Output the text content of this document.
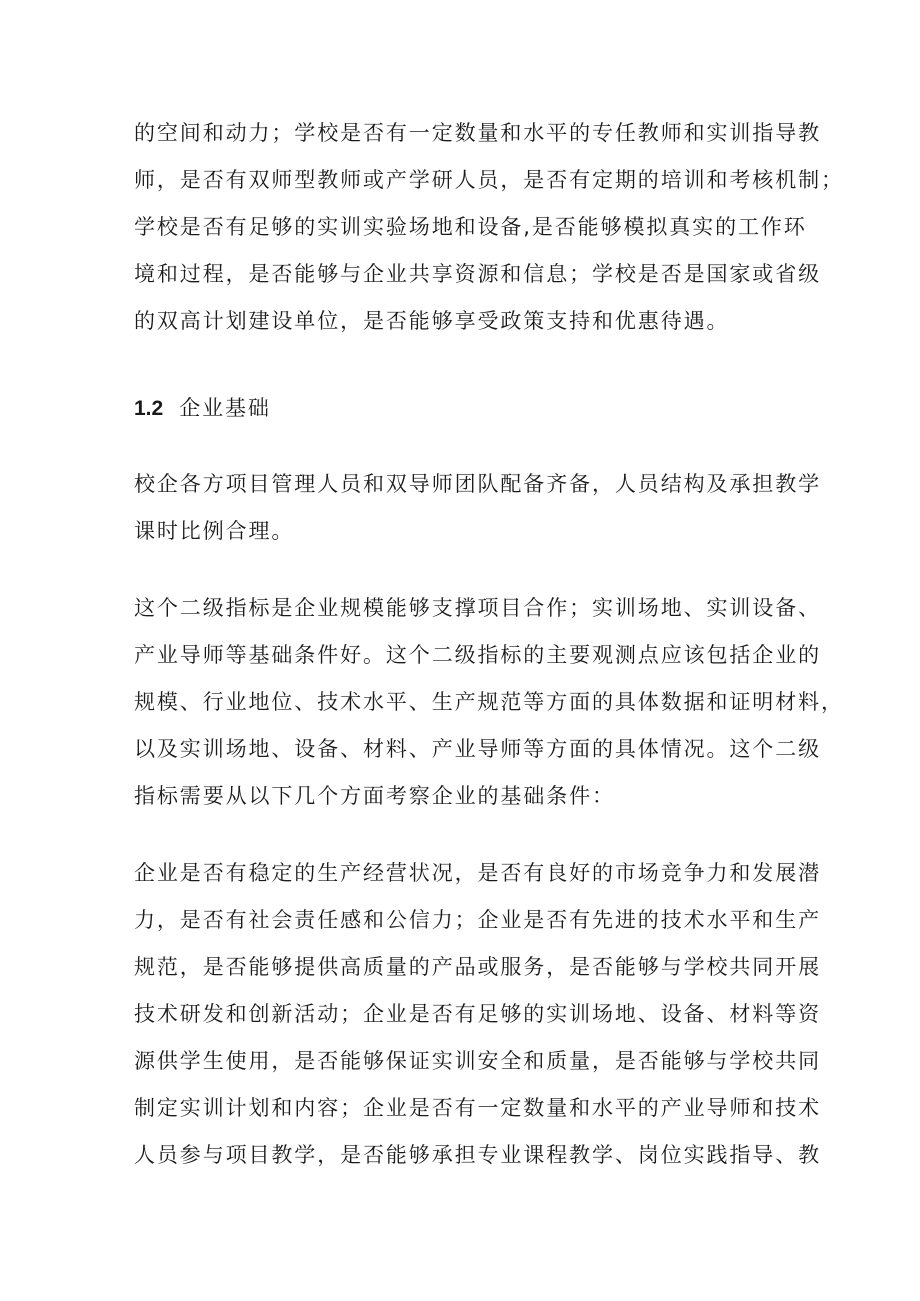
的空间和动力；学校是否有一定数量和水平的专任教师和实训指导教
师，是否有双师型教师或产学研人员，是否有定期的培训和考核机制；
学校是否有足够的实训实验场地和设备,是否能够模拟真实的工作环
境和过程，是否能够与企业共享资源和信息；学校是否是国家或省级
的双高计划建设单位，是否能够享受政策支持和优惠待遇。
1.2 企业基础
校企各方项目管理人员和双导师团队配备齐备，人员结构及承担教学
课时比例合理。
这个二级指标是企业规模能够支撑项目合作；实训场地、实训设备、
产业导师等基础条件好。这个二级指标的主要观测点应该包括企业的
规模、行业地位、技术水平、生产规范等方面的具体数据和证明材料，
以及实训场地、设备、材料、产业导师等方面的具体情况。这个二级
指标需要从以下几个方面考察企业的基础条件：
企业是否有稳定的生产经营状况，是否有良好的市场竞争力和发展潜
力，是否有社会责任感和公信力；企业是否有先进的技术水平和生产
规范，是否能够提供高质量的产品或服务，是否能够与学校共同开展
技术研发和创新活动；企业是否有足够的实训场地、设备、材料等资
源供学生使用，是否能够保证实训安全和质量，是否能够与学校共同
制定实训计划和内容；企业是否有一定数量和水平的产业导师和技术
人员参与项目教学，是否能够承担专业课程教学、岗位实践指导、教
